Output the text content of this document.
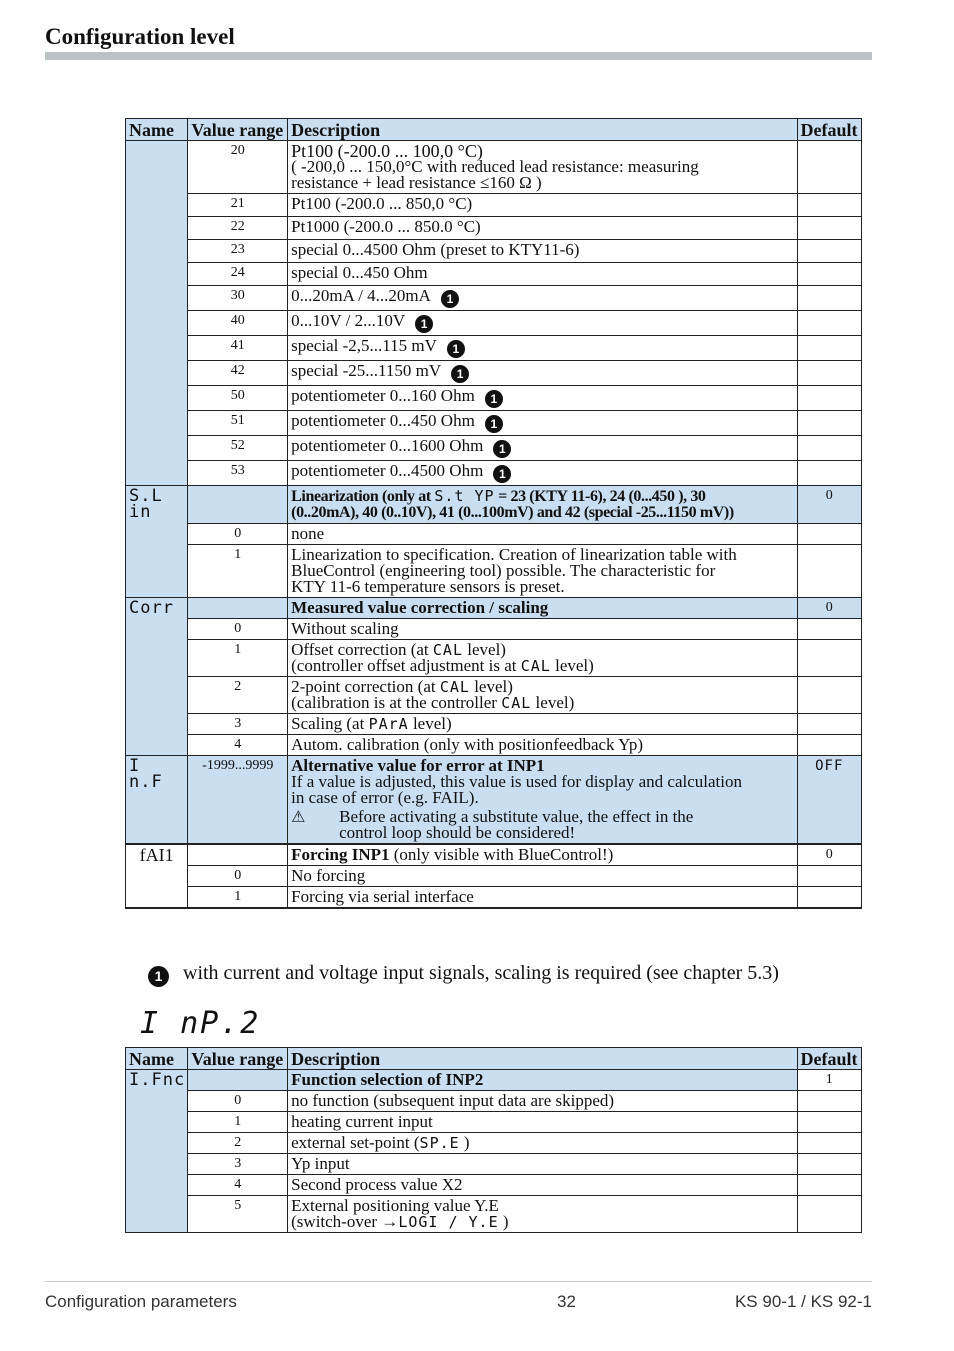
Configuration level
Name	Value range	Description	Default
	20	Pt100 (-200.0 ... 100,0 °C)
( -200,0 ... 150,0°C with reduced lead resistance: measuring
resistance + lead resistance ≤160 Ω )	

	21	Pt100 (-200.0 ... 850,0 °C)	
	22	Pt1000 (-200.0 ... 850.0 °C)	
	23	special 0...4500 Ohm (preset to KTY11-6)	
	24	special 0...450 Ohm	
	30	0...20mA / 4...20mA 1	
	40	0...10V / 2...10V 1	
	41	special -2,5...115 mV 1	
	42	special -25...1150 mV 1	
	50	potentiometer 0...160 Ohm 1	
	51	potentiometer 0...450 Ohm 1	
	52	potentiometer 0...1600 Ohm 1	
	53	potentiometer 0...4500 Ohm 1	
S.L in		Linearization (only at S.t YP = 23 (KTY 11-6), 24 (0...450 ), 30
(0..20mA), 40 (0..10V), 41 (0...100mV) and 42 (special -25...1150 mV))	0
	0	none	
	1	Linearization to specification. Creation of linearization table with
BlueControl (engineering tool) possible. The characteristic for
KTY 11-6 temperature sensors is preset.	

Corr		Measured value correction / scaling	0
	0	Without scaling	
	1	Offset correction (at CAL level)
(controller offset adjustment is at CAL level)	

	2	2-point correction (at CAL level)
(calibration is at the controller CAL level)	

	3	Scaling (at PArA level)	
	4	Autom. calibration (only with positionfeedback Yp)	
I n.F	-1999...9999	Alternative value for error at INP1
If a value is adjusted, this value is used for display and calculation
in case of error (e.g. FAIL).
⚠ Before activating a substitute value, the effect in the
control loop should be considered!	OFF
fAI1		Forcing INP1 (only visible with BlueControl!)	0
	0	No forcing	
	1	Forcing via serial interface	
1 with current and voltage input signals, scaling is required (see chapter 5.3)
I nP.2
Name	Value range	Description	Default
I.Fnc		Function selection of INP2	1
	0	no function (subsequent input data are skipped)	
	1	heating current input	
	2	external set-point (SP.E )	
	3	Yp input	
	4	Second process value X2	
	5	External positioning value Y.E
(switch-over →LOGI / Y.E )	

Configuration parameters	32	KS 90-1 / KS 92-1
